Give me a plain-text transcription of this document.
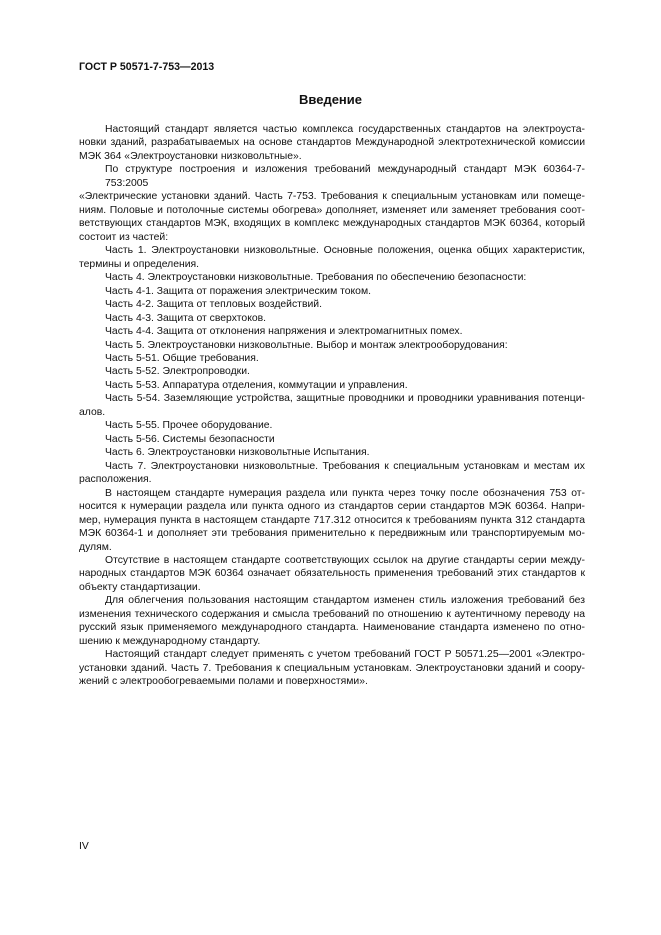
ГОСТ Р 50571-7-753—2013
Введение
Настоящий стандарт является частью комплекса государственных стандартов на электроуста-
новки зданий, разрабатываемых на основе стандартов Международной электротехнической комиссии
МЭК 364 «Электроустановки низковольтные».
По структуре построения и изложения требований международный стандарт МЭК 60364-7-753:2005
«Электрические установки зданий. Часть 7-753. Требования к специальным установкам или помеще-
ниям. Половые и потолочные системы обогрева» дополняет, изменяет или заменяет требования соот-
ветствующих стандартов МЭК, входящих в комплекс международных стандартов МЭК 60364, который
состоит из частей:
Часть 1. Электроустановки низковольтные. Основные положения, оценка общих характеристик,
термины и определения.
Часть 4. Электроустановки низковольтные. Требования по обеспечению безопасности:
Часть 4-1. Защита от поражения электрическим током.
Часть 4-2. Защита от тепловых воздействий.
Часть 4-3. Защита от сверхтоков.
Часть 4-4. Защита от отклонения напряжения и электромагнитных помех.
Часть 5. Электроустановки низковольтные. Выбор и монтаж электрооборудования:
Часть 5-51. Общие требования.
Часть 5-52. Электропроводки.
Часть 5-53. Аппаратура отделения, коммутации и управления.
Часть 5-54. Заземляющие устройства, защитные проводники и проводники уравнивания потенци-
алов.
Часть 5-55. Прочее оборудование.
Часть 5-56. Системы безопасности
Часть 6. Электроустановки низковольтные Испытания.
Часть 7. Электроустановки низковольтные. Требования к специальным установкам и местам их
расположения.
В настоящем стандарте нумерация раздела или пункта через точку после обозначения 753 от-
носится к нумерации раздела или пункта одного из стандартов серии стандартов МЭК 60364. Напри-
мер, нумерация пункта в настоящем стандарте 717.312 относится к требованиям пункта 312 стандарта
МЭК 60364-1 и дополняет эти требования применительно к передвижным или транспортируемым мо-
дулям.
Отсутствие в настоящем стандарте соответствующих ссылок на другие стандарты серии между-
народных стандартов МЭК 60364 означает обязательность применения требований этих стандартов к
объекту стандартизации.
Для облегчения пользования настоящим стандартом изменен стиль изложения требований без
изменения технического содержания и смысла требований по отношению к аутентичному переводу на
русский язык применяемого международного стандарта. Наименование стандарта изменено по отно-
шению к международному стандарту.
Настоящий стандарт следует применять с учетом требований ГОСТ Р 50571.25—2001 «Электро-
установки зданий. Часть 7. Требования к специальным установкам. Электроустановки зданий и соору-
жений с электрообогреваемыми полами и поверхностями».
IV
